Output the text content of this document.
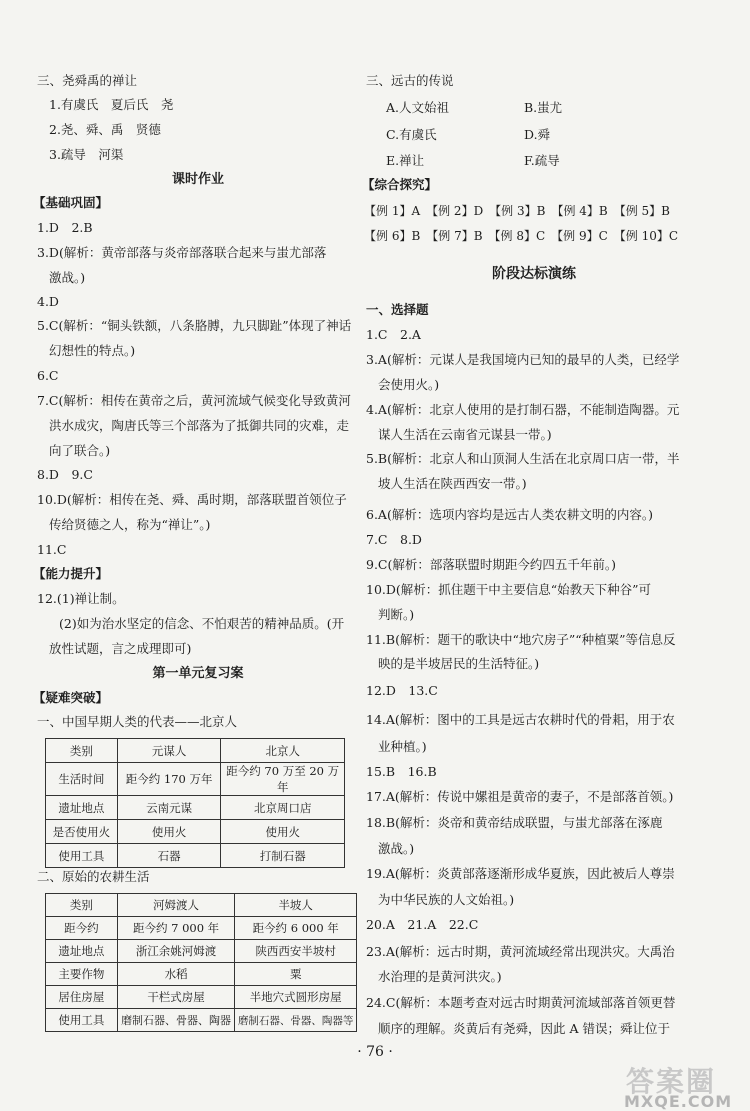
三、尧舜禹的禅让
1.有虞氏　夏后氏　尧
2.尧、舜、禹　贤德
3.疏导　河渠
课时作业
【基础巩固】
1.D　2.B
3.D(解析：黄帝部落与炎帝部落联合起来与蚩尤部落
激战。)
4.D
5.C(解析：“铜头铁额，八条胳膊，九只脚趾”体现了神话
幻想性的特点。)
6.C
7.C(解析：相传在黄帝之后，黄河流域气候变化导致黄河
洪水成灾，陶唐氏等三个部落为了抵御共同的灾难，走
向了联合。)
8.D　9.C
10.D(解析：相传在尧、舜、禹时期，部落联盟首领位子
传给贤德之人，称为“禅让”。)
11.C
【能力提升】
12.(1)禅让制。
(2)如为治水坚定的信念、不怕艰苦的精神品质。(开
放性试题，言之成理即可)
第一单元复习案
【疑难突破】
一、中国早期人类的代表——北京人
类别	元谋人	北京人
生活时间	距今约 170 万年	距今约 70 万至 20 万年
遗址地点	云南元谋	北京周口店
是否使用火	使用火	使用火
使用工具	石器	打制石器
二、原始的农耕生活
类别	河姆渡人	半坡人
距今约	距今约 7 000 年	距今约 6 000 年
遗址地点	浙江余姚河姆渡	陕西西安半坡村
主要作物	水稻	粟
居住房屋	干栏式房屋	半地穴式圆形房屋
使用工具	磨制石器、骨器、陶器	磨制石器、骨器、陶器等
三、远古的传说
A.人文始祖	B.蚩尤
C.有虞氏	D.舜
E.禅让	F.疏导
【综合探究】
【例 1】A　【例 2】D　【例 3】B　【例 4】B　【例 5】B
【例 6】B　【例 7】B　【例 8】C　【例 9】C　【例 10】C
阶段达标演练
一、选择题
1.C　2.A
3.A(解析：元谋人是我国境内已知的最早的人类，已经学
会使用火。)
4.A(解析：北京人使用的是打制石器，不能制造陶器。元
谋人生活在云南省元谋县一带。)
5.B(解析：北京人和山顶洞人生活在北京周口店一带，半
坡人生活在陕西西安一带。)
6.A(解析：选项内容均是远古人类农耕文明的内容。)
7.C　8.D
9.C(解析：部落联盟时期距今约四五千年前。)
10.D(解析：抓住题干中主要信息“始教天下种谷”可
判断。)
11.B(解析：题干的歌诀中“地穴房子”“种植粟”等信息反
映的是半坡居民的生活特征。)
12.D　13.C
14.A(解析：图中的工具是远古农耕时代的骨耜，用于农
业种植。)
15.B　16.B
17.A(解析：传说中嫘祖是黄帝的妻子，不是部落首领。)
18.B(解析：炎帝和黄帝结成联盟，与蚩尤部落在涿鹿
激战。)
19.A(解析：炎黄部落逐渐形成华夏族，因此被后人尊崇
为中华民族的人文始祖。)
20.A　21.A　22.C
23.A(解析：远古时期，黄河流域经常出现洪灾。大禹治
水治理的是黄河洪灾。)
24.C(解析：本题考查对远古时期黄河流域部落首领更替
顺序的理解。炎黄后有尧舜，因此 A 错误；舜让位于
· 76 ·
答案圈
MXQE.COM
